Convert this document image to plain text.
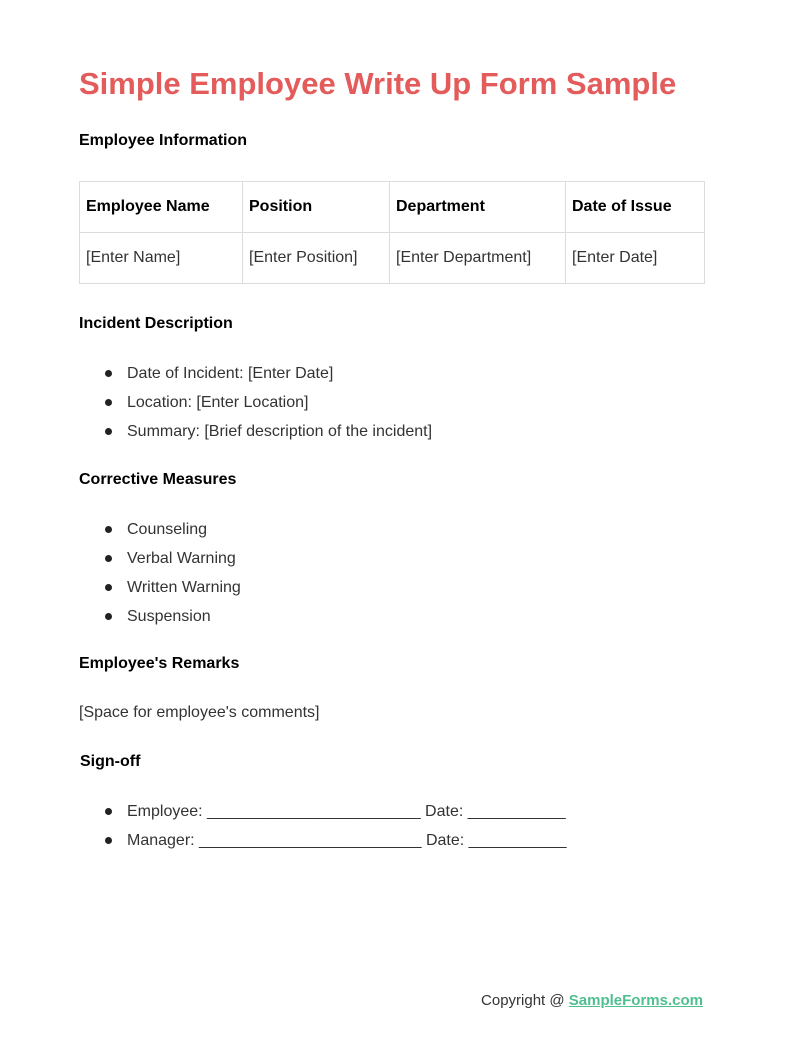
Simple Employee Write Up Form Sample
Employee Information
Employee Name	Position	Department	Date of Issue
[Enter Name]	[Enter Position]	[Enter Department]	[Enter Date]
Incident Description
Date of Incident: [Enter Date]
Location: [Enter Location]
Summary: [Brief description of the incident]
Corrective Measures
Counseling
Verbal Warning
Written Warning
Suspension
Employee's Remarks

[Space for employee's comments]

Sign-off
Employee: ________________________ Date: ___________
Manager: _________________________ Date: ___________
Copyright @ SampleForms.com
